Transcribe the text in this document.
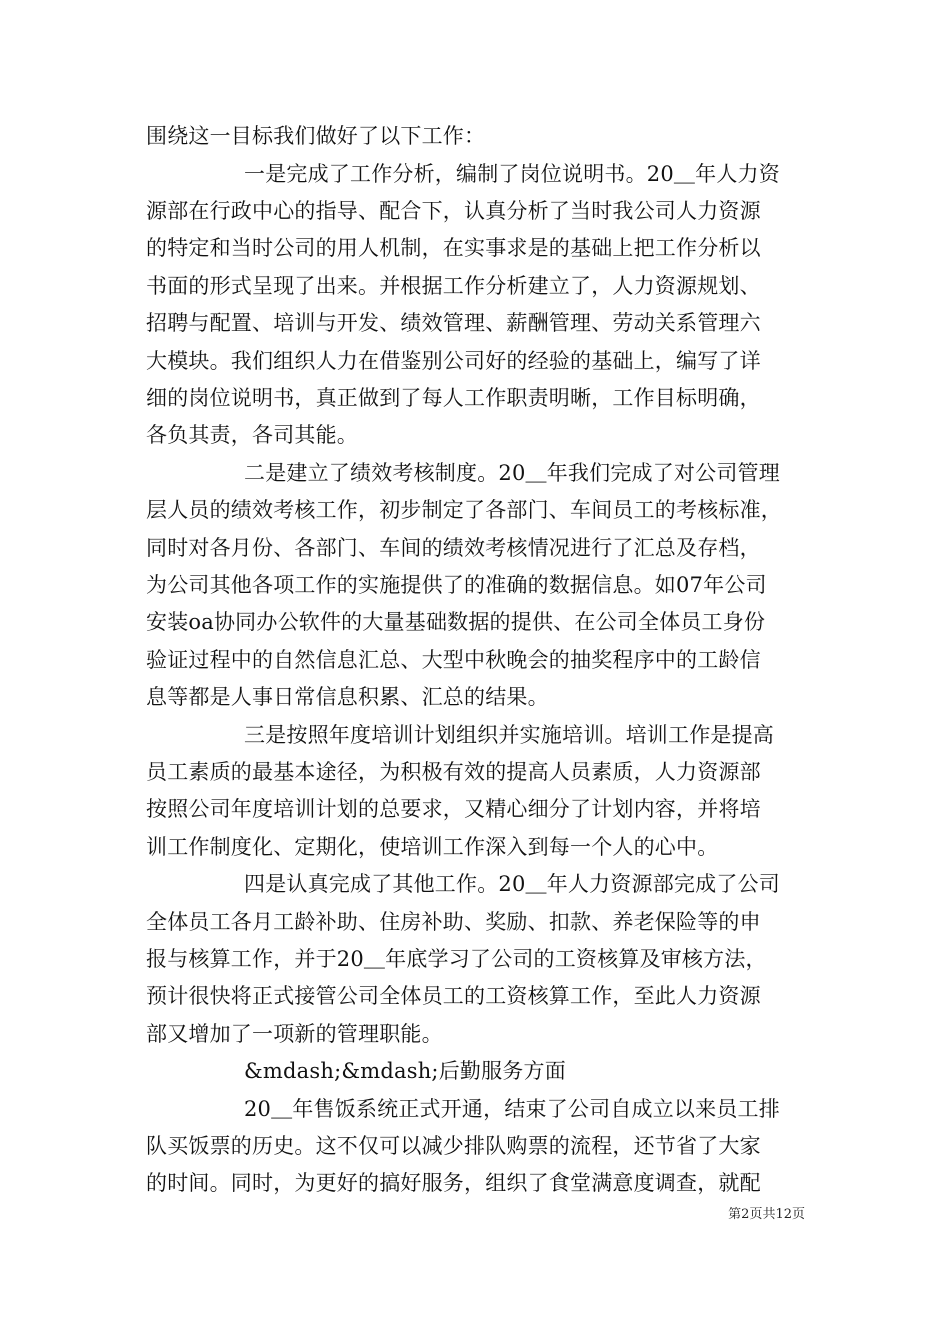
围绕这一目标我们做好了以下工作：
一是完成了工作分析，编制了岗位说明书。20＿年人力资
源部在行政中心的指导、配合下，认真分析了当时我公司人力资源
的特定和当时公司的用人机制，在实事求是的基础上把工作分析以
书面的形式呈现了出来。并根据工作分析建立了，人力资源规划、
招聘与配置、培训与开发、绩效管理、薪酬管理、劳动关系管理六
大模块。我们组织人力在借鉴别公司好的经验的基础上，编写了详
细的岗位说明书，真正做到了每人工作职责明晰，工作目标明确，
各负其责，各司其能。
二是建立了绩效考核制度。20＿年我们完成了对公司管理
层人员的绩效考核工作，初步制定了各部门、车间员工的考核标准，
同时对各月份、各部门、车间的绩效考核情况进行了汇总及存档，
为公司其他各项工作的实施提供了的准确的数据信息。如07年公司
安装oa协同办公软件的大量基础数据的提供、在公司全体员工身份
验证过程中的自然信息汇总、大型中秋晚会的抽奖程序中的工龄信
息等都是人事日常信息积累、汇总的结果。
三是按照年度培训计划组织并实施培训。培训工作是提高
员工素质的最基本途径，为积极有效的提高人员素质，人力资源部
按照公司年度培训计划的总要求，又精心细分了计划内容，并将培
训工作制度化、定期化，使培训工作深入到每一个人的心中。
四是认真完成了其他工作。20＿年人力资源部完成了公司
全体员工各月工龄补助、住房补助、奖励、扣款、养老保险等的申
报与核算工作，并于20＿年底学习了公司的工资核算及审核方法，
预计很快将正式接管公司全体员工的工资核算工作，至此人力资源
部又增加了一项新的管理职能。
&mdash;&mdash;后勤服务方面
20＿年售饭系统正式开通，结束了公司自成立以来员工排
队买饭票的历史。这不仅可以减少排队购票的流程，还节省了大家
的时间。同时，为更好的搞好服务，组织了食堂满意度调查，就配
第2页共12页
